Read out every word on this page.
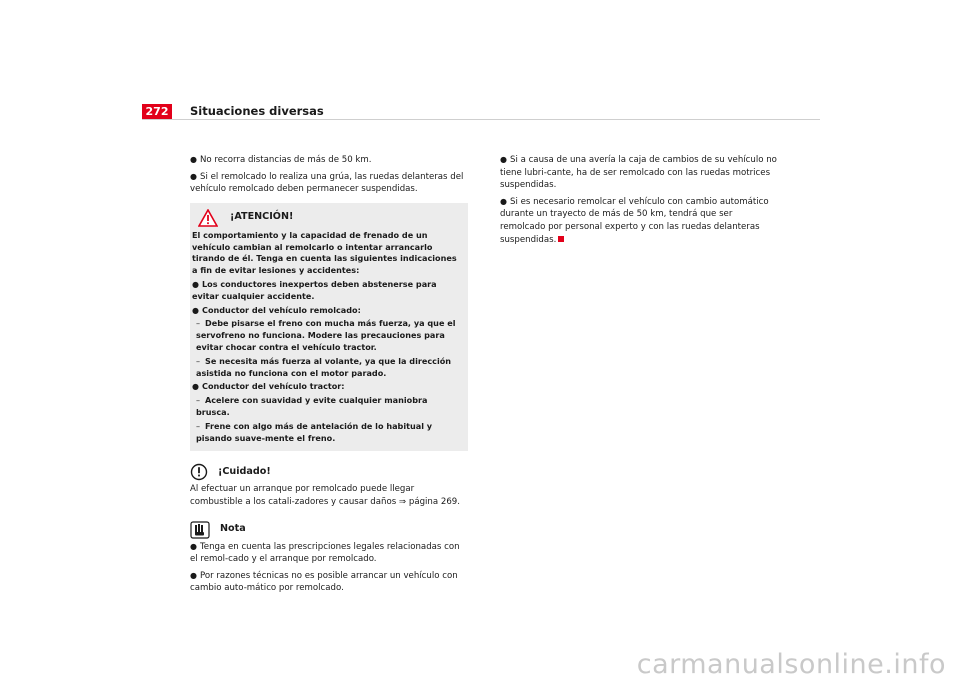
272	Situaciones diversas
● No recorra distancias de más de 50 km.
● Si el remolcado lo realiza una grúa, las ruedas delanteras del vehículo remolcado deben permanecer suspendidas.
¡ATENCIÓN!

El comportamiento y la capacidad de frenado de un vehículo cambian al remolcarlo o intentar arrancarlo tirando de él. Tenga en cuenta las siguientes indicaciones a fin de evitar lesiones y accidentes:

● Los conductores inexpertos deben abstenerse para evitar cualquier accidente.

● Conductor del vehículo remolcado:

– Debe pisarse el freno con mucha más fuerza, ya que el servofreno no funciona. Modere las precauciones para evitar chocar contra el vehículo tractor.

– Se necesita más fuerza al volante, ya que la dirección asistida no funciona con el motor parado.

● Conductor del vehículo tractor:

– Acelere con suavidad y evite cualquier maniobra brusca.

– Frene con algo más de antelación de lo habitual y pisando suave-mente el freno.

¡Cuidado!

Al efectuar un arranque por remolcado puede llegar combustible a los catali-zadores y causar daños ⇒ página 269.

Nota
● Tenga en cuenta las prescripciones legales relacionadas con el remol-cado y el arranque por remolcado.
● Por razones técnicas no es posible arrancar un vehículo con cambio auto-mático por remolcado.
● Si a causa de una avería la caja de cambios de su vehículo no tiene lubri-cante, ha de ser remolcado con las ruedas motrices suspendidas.
● Si es necesario remolcar el vehículo con cambio automático durante un trayecto de más de 50 km, tendrá que ser remolcado por personal experto y con las ruedas delanteras suspendidas.
carmanualsonline.info
